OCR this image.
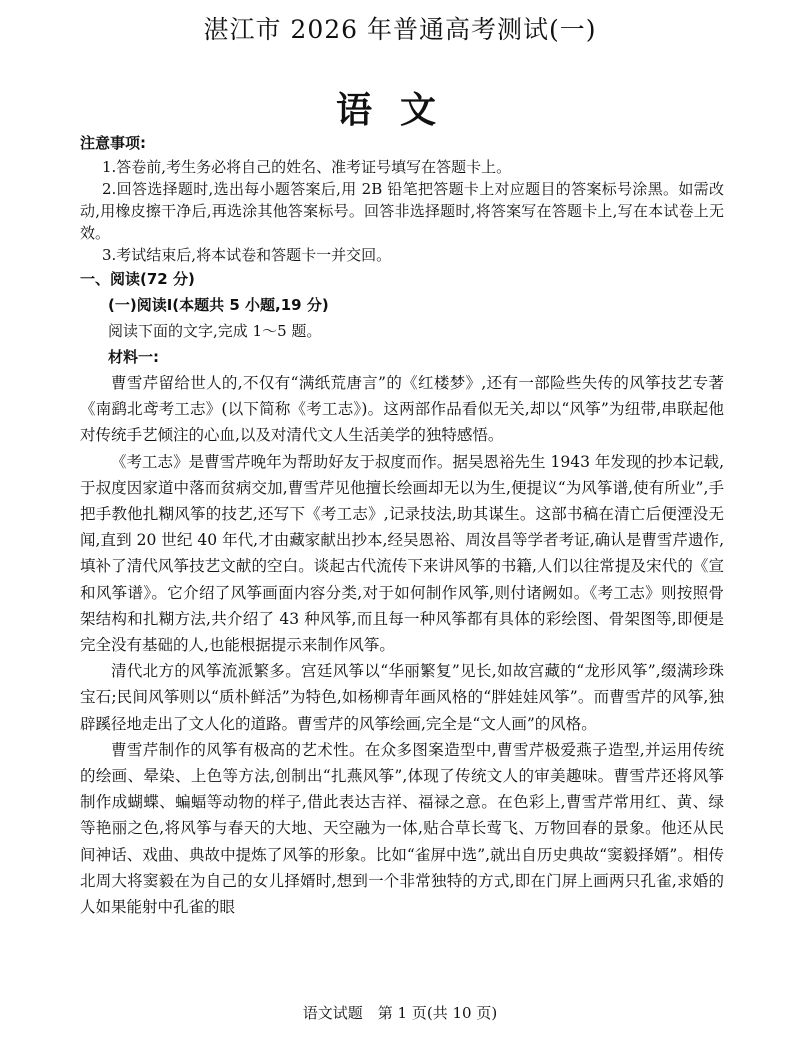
湛江市 2026 年普通高考测试(一)
语文
注意事项:

1.答卷前,考生务必将自己的姓名、准考证号填写在答题卡上。

2.回答选择题时,选出每小题答案后,用 2B 铅笔把答题卡上对应题目的答案标号涂黑。如需改动,用橡皮擦干净后,再选涂其他答案标号。回答非选择题时,将答案写在答题卡上,写在本试卷上无效。

3.考试结束后,将本试卷和答题卡一并交回。

一、阅读(72 分)
(一)阅读Ⅰ(本题共 5 小题,19 分)
阅读下面的文字,完成 1～5 题。
材料一:

曹雪芹留给世人的,不仅有“满纸荒唐言”的《红楼梦》,还有一部险些失传的风筝技艺专著《南鹞北鸢考工志》(以下简称《考工志》)。这两部作品看似无关,却以“风筝”为纽带,串联起他对传统手艺倾注的心血,以及对清代文人生活美学的独特感悟。

《考工志》是曹雪芹晚年为帮助好友于叔度而作。据吴恩裕先生 1943 年发现的抄本记载,于叔度因家道中落而贫病交加,曹雪芹见他擅长绘画却无以为生,便提议“为风筝谱,使有所业”,手把手教他扎糊风筝的技艺,还写下《考工志》,记录技法,助其谋生。这部书稿在清亡后便湮没无闻,直到 20 世纪 40 年代,才由藏家献出抄本,经吴恩裕、周汝昌等学者考证,确认是曹雪芹遗作,填补了清代风筝技艺文献的空白。谈起古代流传下来讲风筝的书籍,人们以往常提及宋代的《宣和风筝谱》。它介绍了风筝画面内容分类,对于如何制作风筝,则付诸阙如。《考工志》则按照骨架结构和扎糊方法,共介绍了 43 种风筝,而且每一种风筝都有具体的彩绘图、骨架图等,即便是完全没有基础的人,也能根据提示来制作风筝。

清代北方的风筝流派繁多。宫廷风筝以“华丽繁复”见长,如故宫藏的“龙形风筝”,缀满珍珠宝石;民间风筝则以“质朴鲜活”为特色,如杨柳青年画风格的“胖娃娃风筝”。而曹雪芹的风筝,独辟蹊径地走出了文人化的道路。曹雪芹的风筝绘画,完全是“文人画”的风格。

曹雪芹制作的风筝有极高的艺术性。在众多图案造型中,曹雪芹极爱燕子造型,并运用传统的绘画、晕染、上色等方法,创制出“扎燕风筝”,体现了传统文人的审美趣味。曹雪芹还将风筝制作成蝴蝶、蝙蝠等动物的样子,借此表达吉祥、福禄之意。在色彩上,曹雪芹常用红、黄、绿等艳丽之色,将风筝与春天的大地、天空融为一体,贴合草长莺飞、万物回春的景象。他还从民间神话、戏曲、典故中提炼了风筝的形象。比如“雀屏中选”,就出自历史典故“窦毅择婿”。相传北周大将窦毅在为自己的女儿择婿时,想到一个非常独特的方式,即在门屏上画两只孔雀,求婚的人如果能射中孔雀的眼

语文试题　第 1 页(共 10 页)
